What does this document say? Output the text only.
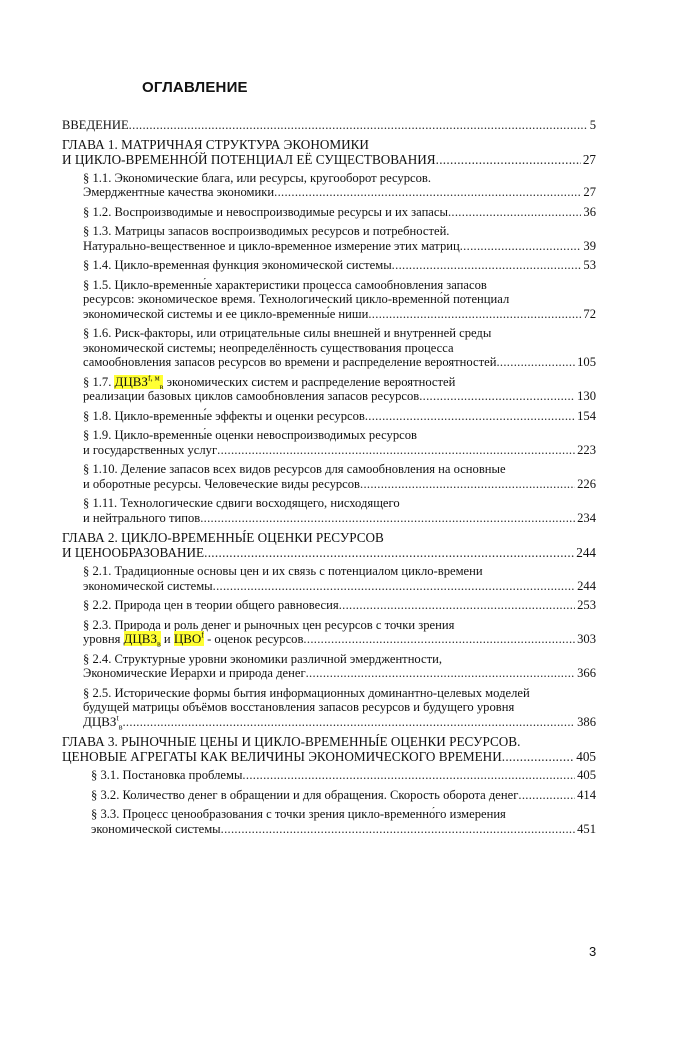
ОГЛАВЛЕНИЕ
ВВЕДЕНИЕ .....	5
ГЛАВА 1. МАТРИЧНАЯ СТРУКТУРА ЭКОНОМИКИ
И ЦИКЛО-ВРЕМЕННО́Й ПОТЕНЦИАЛ ЕЁ СУЩЕСТВОВАНИЯ .....	27
§ 1.1. Экономические блага, или ресурсы, кругооборот ресурсов.
Эмерджентные качества экономики .....	27
§ 1.2. Воспроизводимые и невоспроизводимые ресурсы и их запасы .....	36
§ 1.3. Матрицы запасов воспроизводимых ресурсов и потребностей.
Натурально-вещественное и цикло-временное измерение этих матриц .....	39
§ 1.4. Цикло-временная функция экономической системы .....	53
§ 1.5. Цикло-временны́е характеристики процесса самообновления запасов
ресурсов: экономическое время. Технологический цикло-временно́й потенциал
экономической системы и ее цикло-временны́е ниши .....	72
§ 1.6. Риск-факторы, или отрицательные силы внешней и внутренней среды
экономической системы; неопределённость существования процесса
самообновления запасов ресурсов во времени и распределение вероятностей .....	105
§ 1.7. $ДЦВЗ^{f, м}_в$ экономических систем и распределение вероятностей
реализации базовых циклов самообновления запасов ресурсов .....	130
§ 1.8. Цикло-временны́е эффекты и оценки ресурсов .....	154
§ 1.9. Цикло-временны́е оценки невоспроизводимых ресурсов
и государственных услуг .....	223
§ 1.10. Деление запасов всех видов ресурсов для самообновления на основные
и оборотные ресурсы. Человеческие виды ресурсов .....	226
§ 1.11. Технологические сдвиги восходящего, нисходящего
и нейтрального типов .....	234
ГЛАВА 2. ЦИКЛО-ВРЕМЕННЫ́Е ОЦЕНКИ РЕСУРСОВ
И ЦЕНООБРАЗОВАНИЕ .....	244
§ 2.1. Традиционные основы цен и их связь с потенциалом цикло-времени
экономической системы .....	244
§ 2.2. Природа цен в теории общего равновесия .....	253
§ 2.3. Природа и роль денег и рыночных цен ресурсов с точки зрения
уровня $ДЦВЗ_в$ и ЦВО$^f$ - оценок ресурсов .....	303
§ 2.4. Структурные уровни экономики различной эмерджентности,
Экономические Иерархи и природа денег .....	366
§ 2.5. Исторические формы бытия информационных доминантно-целевых моделей
будущей матрицы объёмов восстановления запасов ресурсов и будущего уровня
$ДЦВЗ^t_в$ .....	386
ГЛАВА 3. РЫНОЧНЫЕ ЦЕНЫ И ЦИКЛО-ВРЕМЕННЫ́Е ОЦЕНКИ РЕСУРСОВ.
ЦЕНОВЫЕ АГРЕГАТЫ КАК ВЕЛИЧИНЫ ЭКОНОМИЧЕСКОГО ВРЕМЕНИ .....	405
§ 3.1. Постановка проблемы .....	405
§ 3.2. Количество денег в обращении и для обращения. Скорость оборота денег .....	414
§ 3.3. Процесс ценообразования с точки зрения цикло-временно́го измерения
экономической системы .....	451
3
